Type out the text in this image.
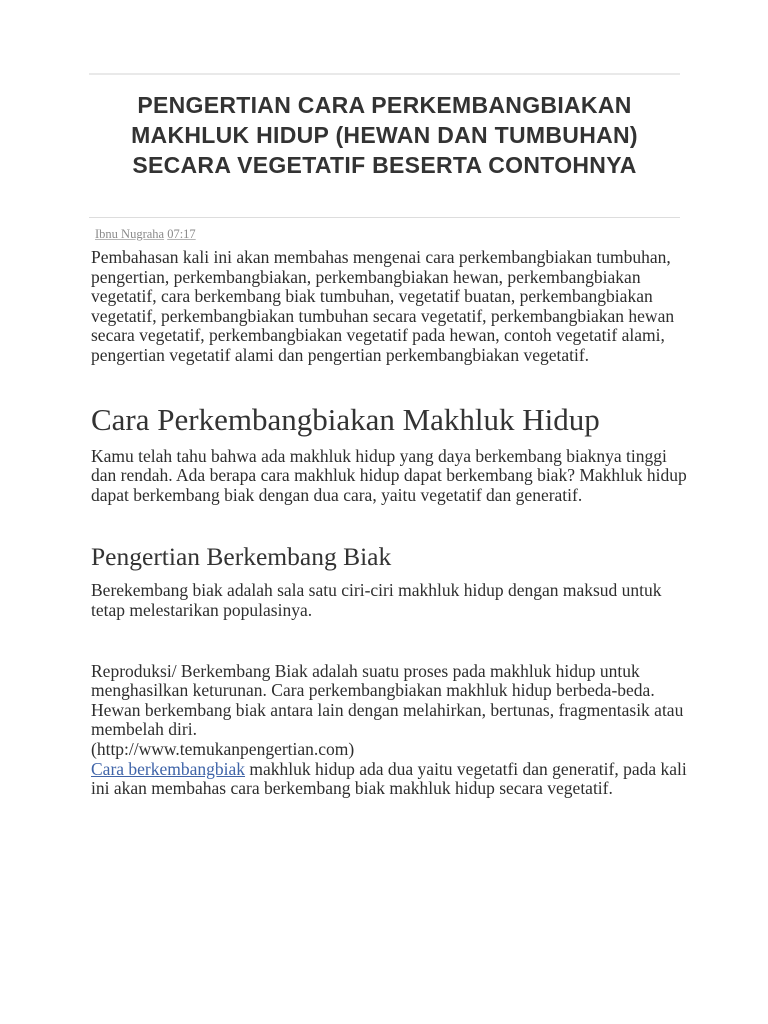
PENGERTIAN CARA PERKEMBANGBIAKAN MAKHLUK HIDUP (HEWAN DAN TUMBUHAN) SECARA VEGETATIF BESERTA CONTOHNYA
Ibnu Nugraha 07:17

Pembahasan kali ini akan membahas mengenai cara perkembangbiakan tumbuhan, pengertian, perkembangbiakan, perkembangbiakan hewan, perkembangbiakan vegetatif, cara berkembang biak tumbuhan, vegetatif buatan, perkembangbiakan vegetatif, perkembangbiakan tumbuhan secara vegetatif, perkembangbiakan hewan secara vegetatif, perkembangbiakan vegetatif pada hewan, contoh vegetatif alami, pengertian vegetatif alami dan pengertian perkembangbiakan vegetatif.

Cara Perkembangbiakan Makhluk Hidup

Kamu telah tahu bahwa ada makhluk hidup yang daya berkembang biaknya tinggi dan rendah. Ada berapa cara makhluk hidup dapat berkembang biak? Makhluk hidup dapat berkembang biak dengan dua cara, yaitu vegetatif dan generatif.

Pengertian Berkembang Biak

Berekembang biak adalah sala satu ciri-ciri makhluk hidup dengan maksud untuk tetap melestarikan populasinya.

Reproduksi/ Berkembang Biak adalah suatu proses pada makhluk hidup untuk menghasilkan keturunan. Cara perkembangbiakan makhluk hidup berbeda-beda. Hewan berkembang biak antara lain dengan melahirkan, bertunas, fragmentasik atau membelah diri.

(http://www.temukanpengertian.com)

Cara berkembangbiak makhluk hidup ada dua yaitu vegetatfi dan generatif, pada kali ini akan membahas cara berkembang biak makhluk hidup secara vegetatif.
